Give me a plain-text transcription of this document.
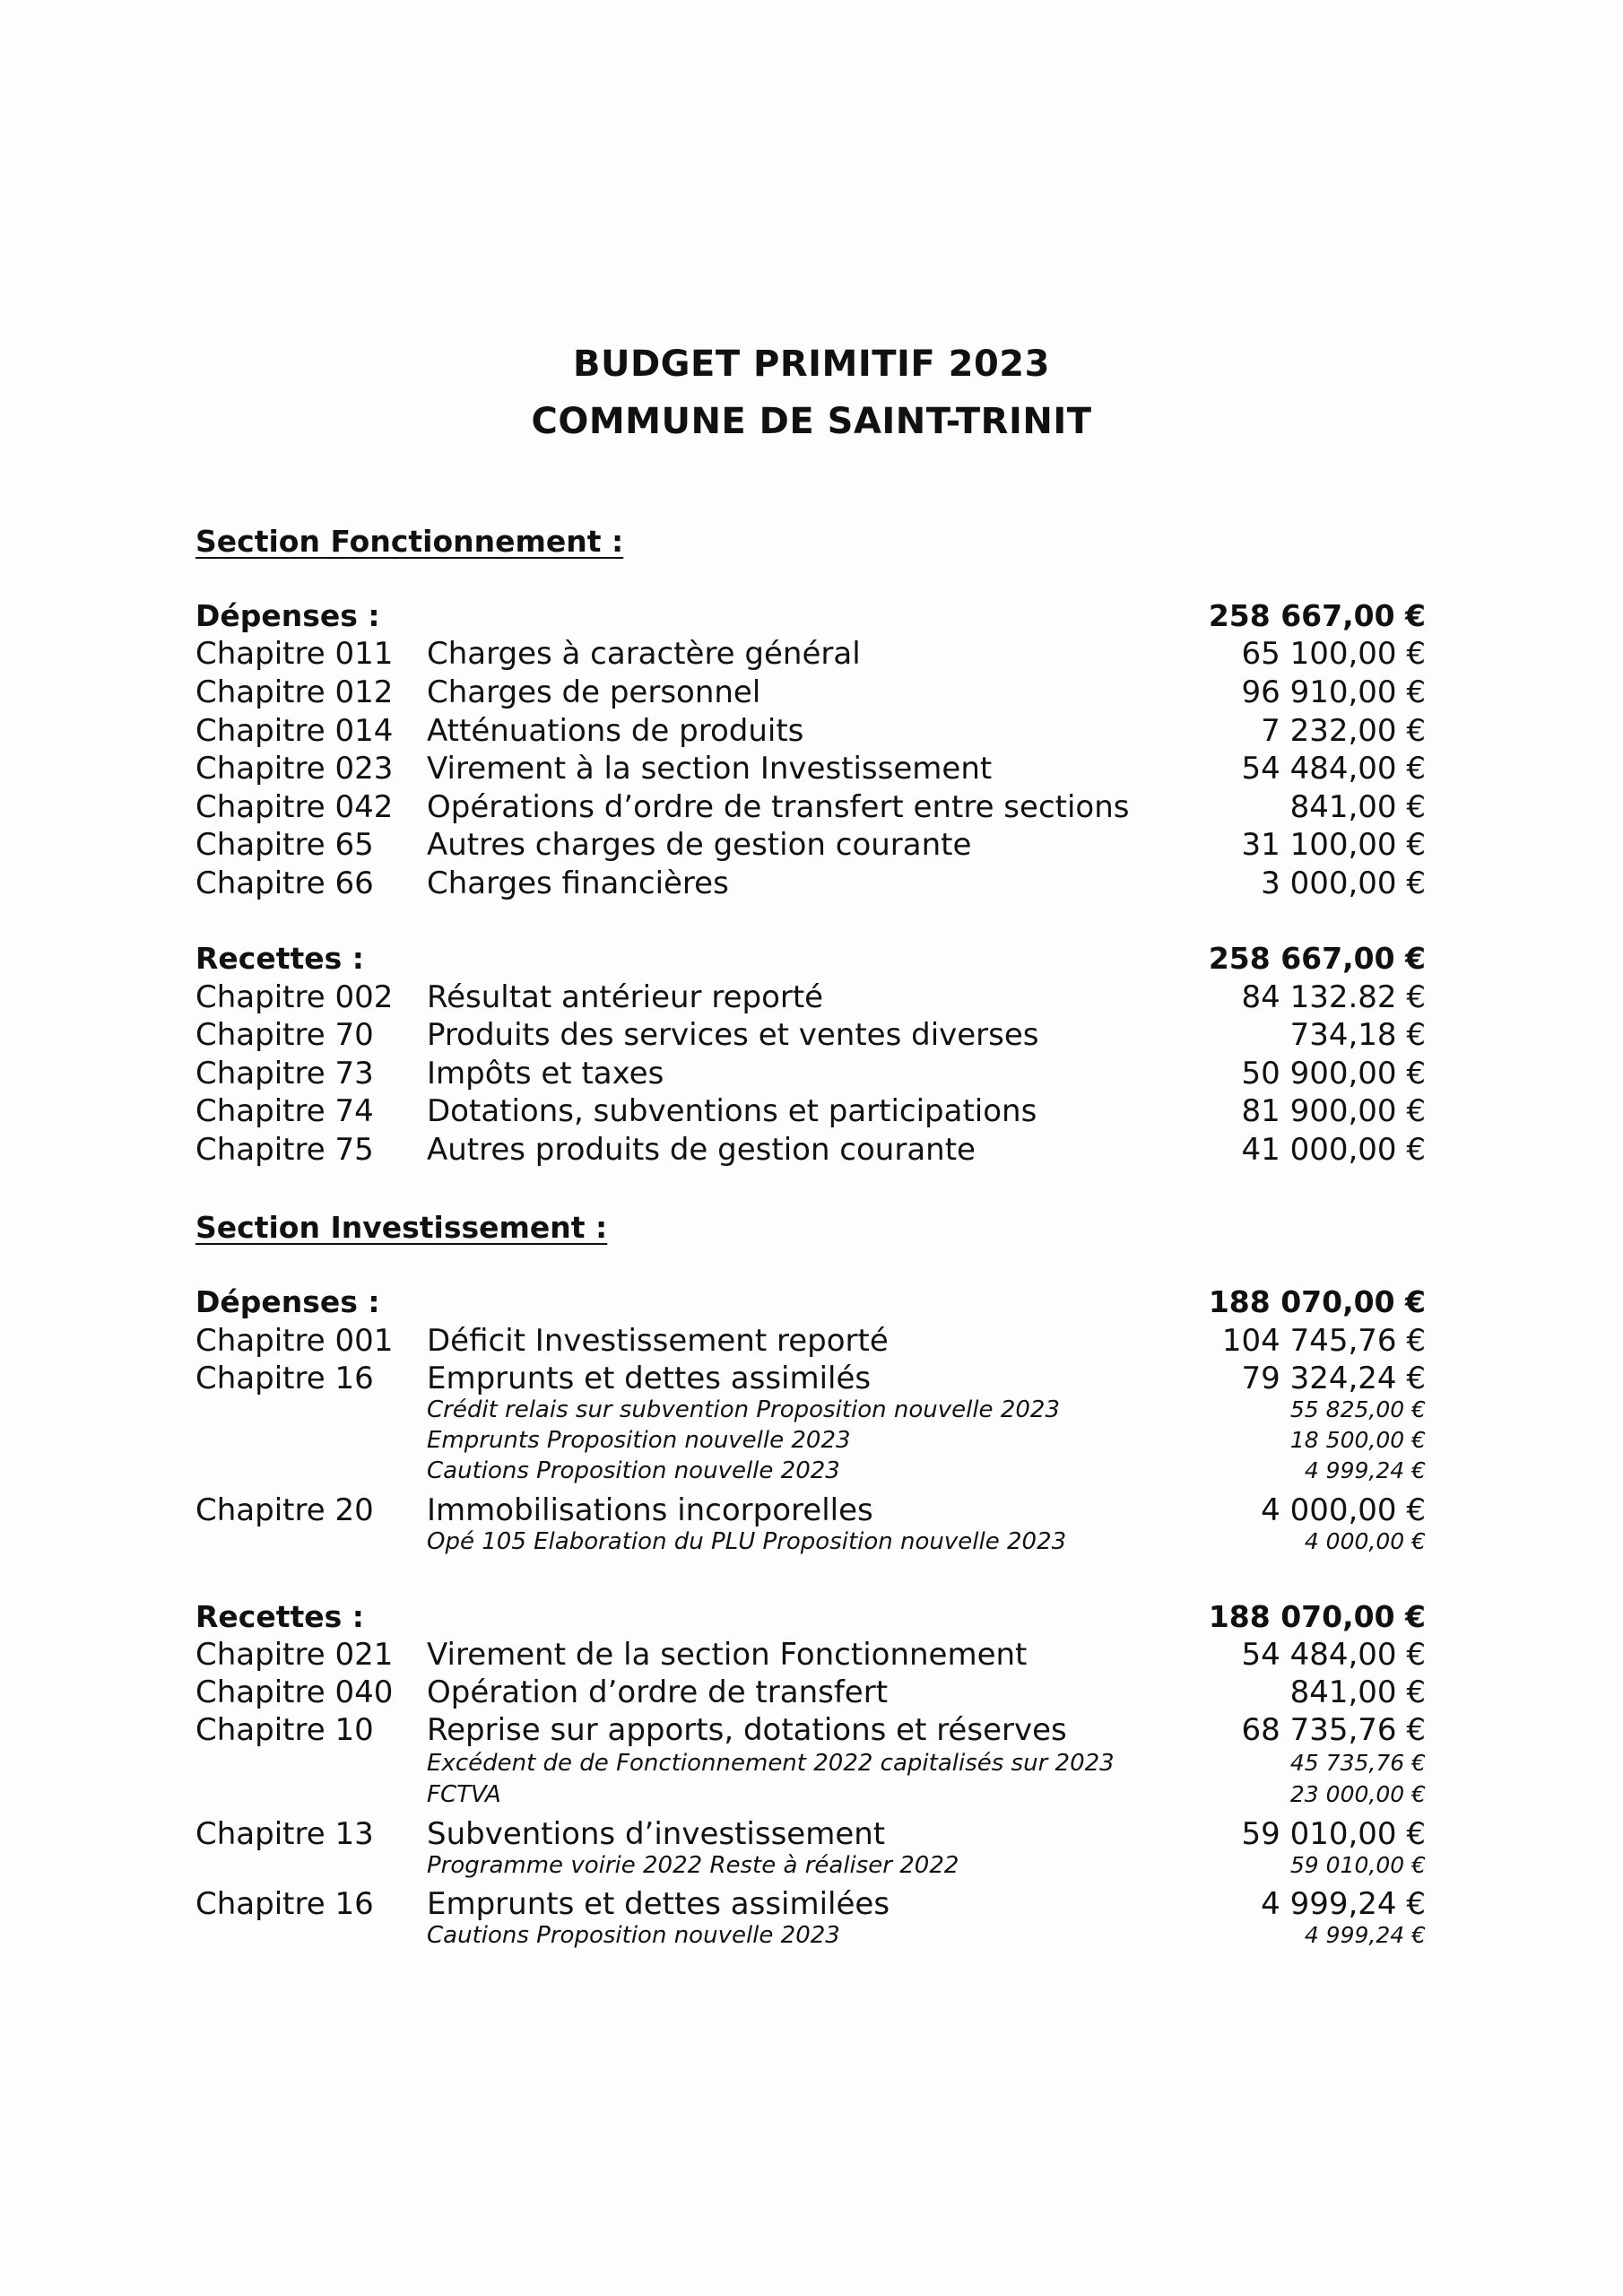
BUDGET PRIMITIF 2023
COMMUNE DE SAINT-TRINIT
Section Fonctionnement :
Dépenses :	258 667,00 €
Chapitre 011 Charges à caractère général	65 100,00 €
Chapitre 012 Charges de personnel	96 910,00 €
Chapitre 014 Atténuations de produits	7 232,00 €
Chapitre 023 Virement à la section Investissement	54 484,00 €
Chapitre 042 Opérations d’ordre de transfert entre sections	841,00 €
Chapitre 65 Autres charges de gestion courante	31 100,00 €
Chapitre 66 Charges financières	3 000,00 €
Recettes :	258 667,00 €
Chapitre 002 Résultat antérieur reporté	84 132.82 €
Chapitre 70 Produits des services et ventes diverses	734,18 €
Chapitre 73 Impôts et taxes	50 900,00 €
Chapitre 74 Dotations, subventions et participations	81 900,00 €
Chapitre 75 Autres produits de gestion courante	41 000,00 €
Section Investissement :
Dépenses :	188 070,00 €
Chapitre 001 Déficit Investissement reporté	104 745,76 €
Chapitre 16 Emprunts et dettes assimilés	79 324,24 €
Crédit relais sur subvention Proposition nouvelle 2023	55 825,00 €
Emprunts Proposition nouvelle 2023	18 500,00 €
Cautions Proposition nouvelle 2023	4 999,24 €
Chapitre 20 Immobilisations incorporelles	4 000,00 €
Opé 105 Elaboration du PLU Proposition nouvelle 2023	4 000,00 €
Recettes :	188 070,00 €
Chapitre 021 Virement de la section Fonctionnement	54 484,00 €
Chapitre 040 Opération d’ordre de transfert	841,00 €
Chapitre 10 Reprise sur apports, dotations et réserves	68 735,76 €
Excédent de de Fonctionnement 2022 capitalisés sur 2023	45 735,76 €
FCTVA	23 000,00 €
Chapitre 13 Subventions d’investissement	59 010,00 €
Programme voirie 2022 Reste à réaliser 2022	59 010,00 €
Chapitre 16 Emprunts et dettes assimilées	4 999,24 €
Cautions Proposition nouvelle 2023	4 999,24 €
